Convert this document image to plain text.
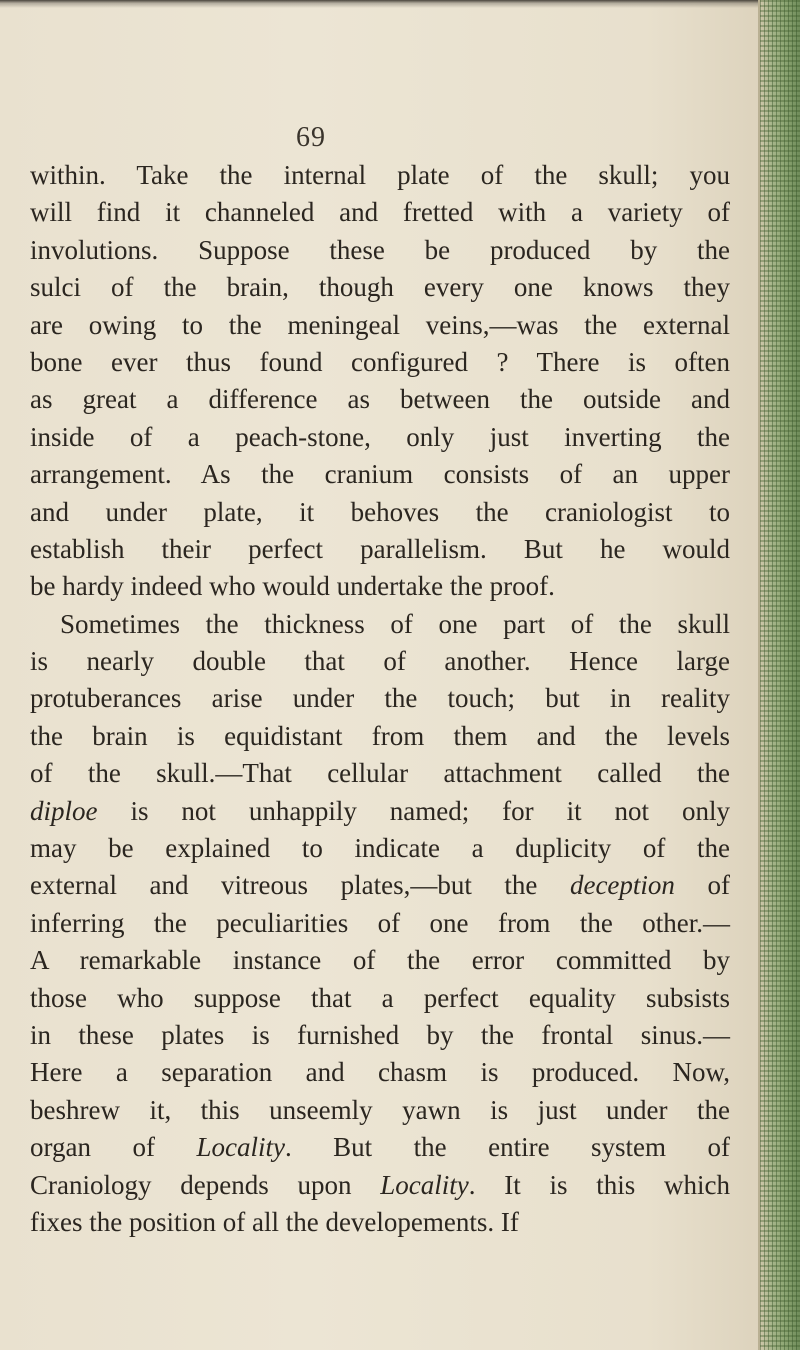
69
within. Take the internal plate of the skull; you
will find it channeled and fretted with a variety of
involutions. Suppose these be produced by the
sulci of the brain, though every one knows they
are owing to the meningeal veins,—was the external
bone ever thus found configured ? There is often
as great a difference as between the outside and
inside of a peach-stone, only just inverting the
arrangement. As the cranium consists of an upper
and under plate, it behoves the craniologist to
establish their perfect parallelism. But he would
be hardy indeed who would undertake the proof.
Sometimes the thickness of one part of the skull
is nearly double that of another. Hence large
protuberances arise under the touch; but in reality
the brain is equidistant from them and the levels
of the skull.—That cellular attachment called the
diploe is not unhappily named; for it not only
may be explained to indicate a duplicity of the
external and vitreous plates,—but the deception of
inferring the peculiarities of one from the other.—
A remarkable instance of the error committed by
those who suppose that a perfect equality subsists
in these plates is furnished by the frontal sinus.—
Here a separation and chasm is produced. Now,
beshrew it, this unseemly yawn is just under the
organ of Locality. But the entire system of
Craniology depends upon Locality. It is this which
fixes the position of all the developements. If
